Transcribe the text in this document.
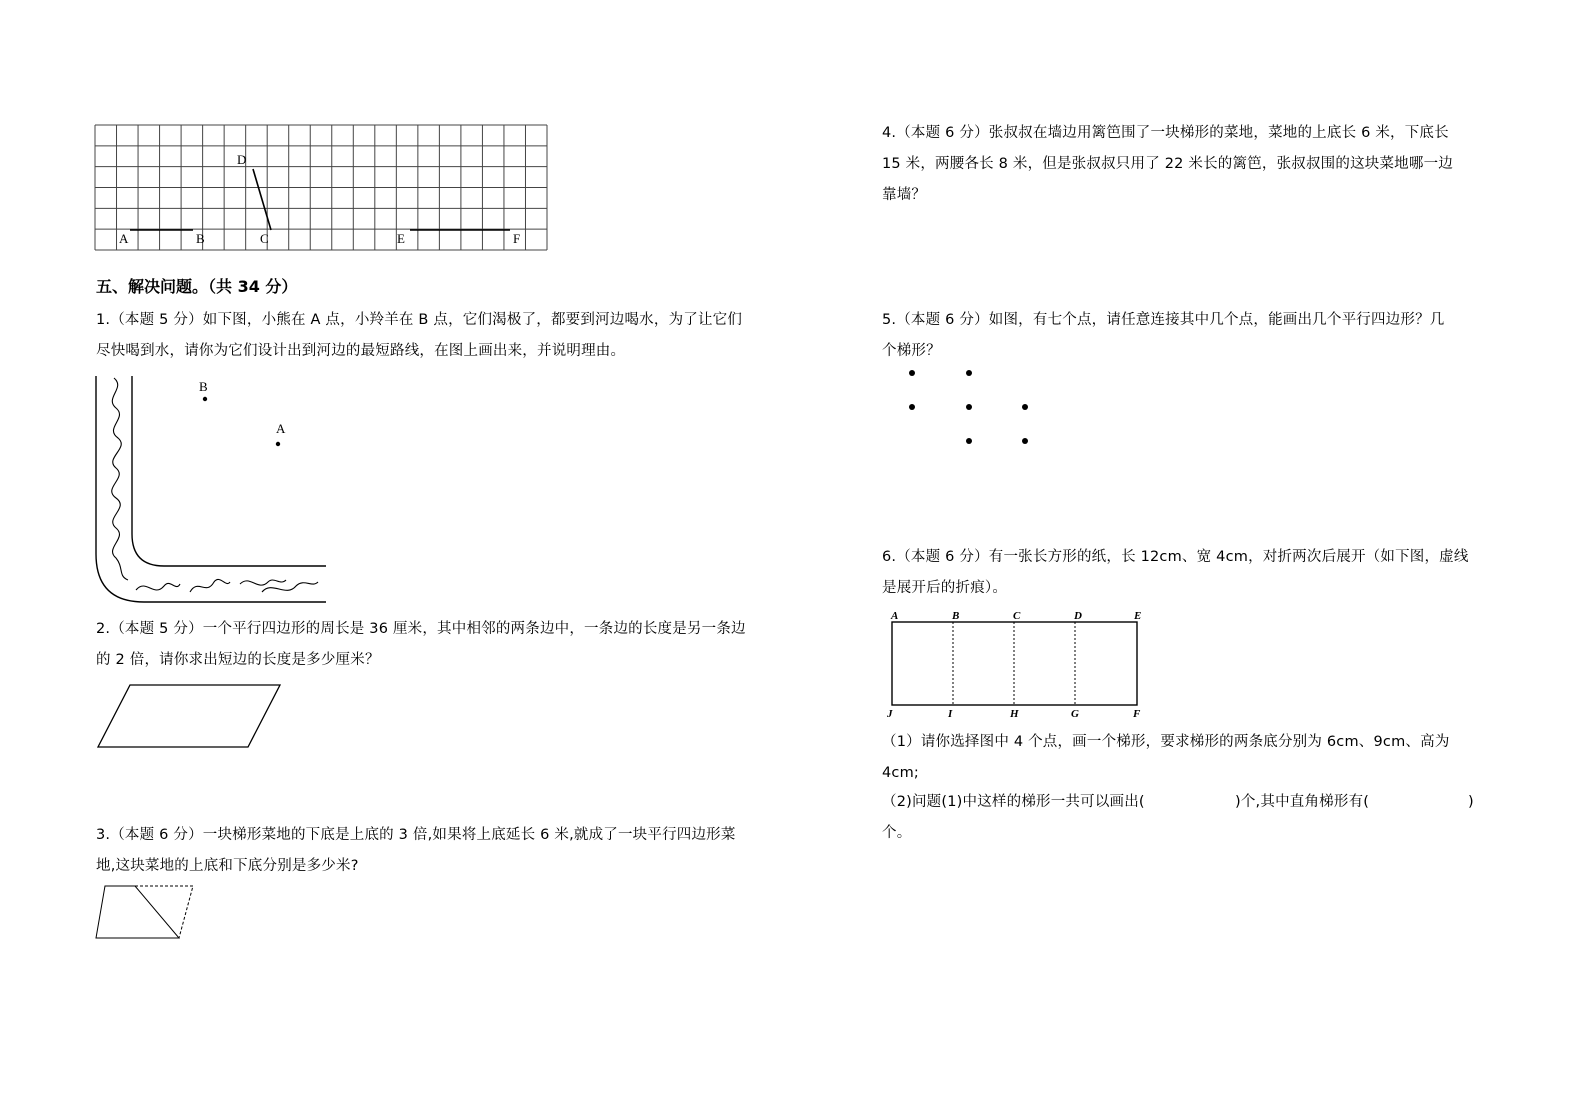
A	B	C
D
E	F
五、解决问题。（共 34 分）
1.（本题 5 分）如下图，小熊在 A 点，小羚羊在 B 点，它们渴极了，都要到河边喝水，为了让它们
尽快喝到水，请你为它们设计出到河边的最短路线，在图上画出来，并说明理由。
B
A
2.（本题 5 分）一个平行四边形的周长是 36 厘米，其中相邻的两条边中，一条边的长度是另一条边
的 2 倍，请你求出短边的长度是多少厘米？
3.（本题 6 分）一块梯形菜地的下底是上底的 3 倍,如果将上底延长 6 米,就成了一块平行四边形菜
地,这块菜地的上底和下底分别是多少米?
4.（本题 6 分）张叔叔在墙边用篱笆围了一块梯形的菜地，菜地的上底长 6 米，下底长
15 米，两腰各长 8 米，但是张叔叔只用了 22 米长的篱笆，张叔叔围的这块菜地哪一边
靠墙？
5.（本题 6 分）如图，有七个点，请任意连接其中几个点，能画出几个平行四边形？几
个梯形？
6.（本题 6 分）有一张长方形的纸，长 12cm、宽 4cm，对折两次后展开（如下图，虚线
是展开后的折痕）。
A	B	C	D	E
J	I	H	G	F
（1）请你选择图中 4 个点，画一个梯形，要求梯形的两条底分别为 6cm、9cm、高为
4cm;
（2)问题(1)中这样的梯形一共可以画出(	)个,其中直角梯形有(	)
个。
